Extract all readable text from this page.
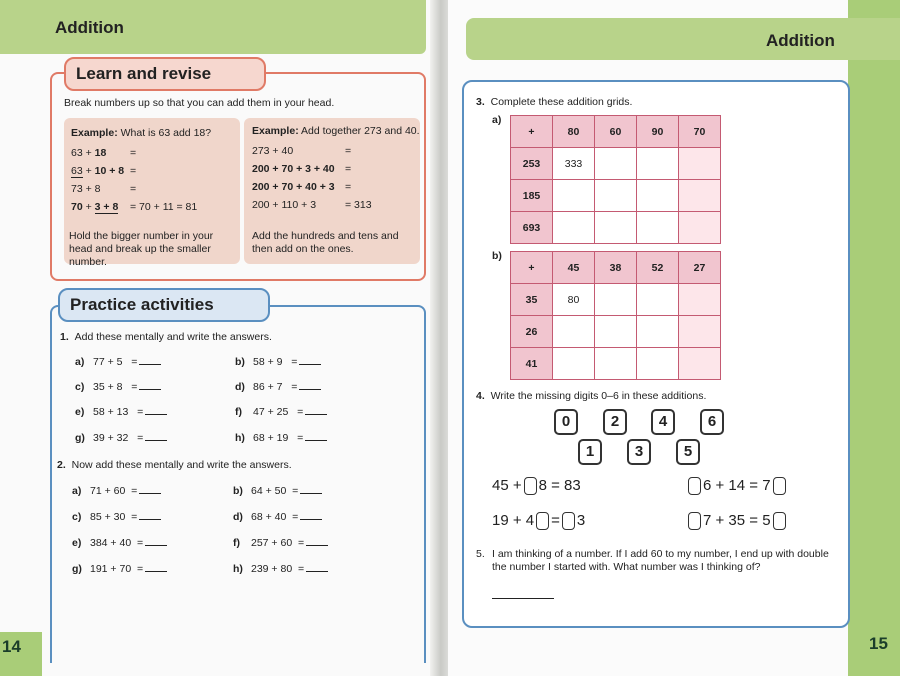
Addition
Learn and revise
Break numbers up so that you can add them in your head.
Example: What is 63 add 18?
63 + 18 =
63 + 10 + 8 =
73 + 8	=
70 + 3 + 8 = 70 + 11 = 81
Hold the bigger number in your head and break up the smaller number.
Example: Add together 273 and 40.
273 + 40	=
200 + 70 + 3 + 40 =
200 + 70 + 40 + 3 =
200 + 110 + 3	= 313
Add the hundreds and tens and then add on the ones.
Practice activities
1. Add these mentally and write the answers.
a) 77 + 5 =	b) 58 + 9 =
c) 35 + 8 =	d) 86 + 7 =
e) 58 + 13 =	f) 47 + 25 =
g) 39 + 32 =	h) 68 + 19 =
2. Now add these mentally and write the answers.
a) 71 + 60 =	b) 64 + 50 =
c) 85 + 30 =	d) 68 + 40 =
e) 384 + 40 =	f) 257 + 60 =
g) 191 + 70 =	h) 239 + 80 =
14
Addition
3. Complete these addition grids.
a)
+	80	60	90	70
253	333			
185				
693				
b)
+	45	38	52	27
35	80			
26				
41				
4. Write the missing digits 0–6 in these additions.
0	2	4	6
1	3	5
45 + 8 = 83	6 + 14 = 7
19 + 4 = 3	7 + 35 = 5
5. I am thinking of a number. If I add 60 to my number, I end up with double the number I started with. What number was I thinking of?
15
